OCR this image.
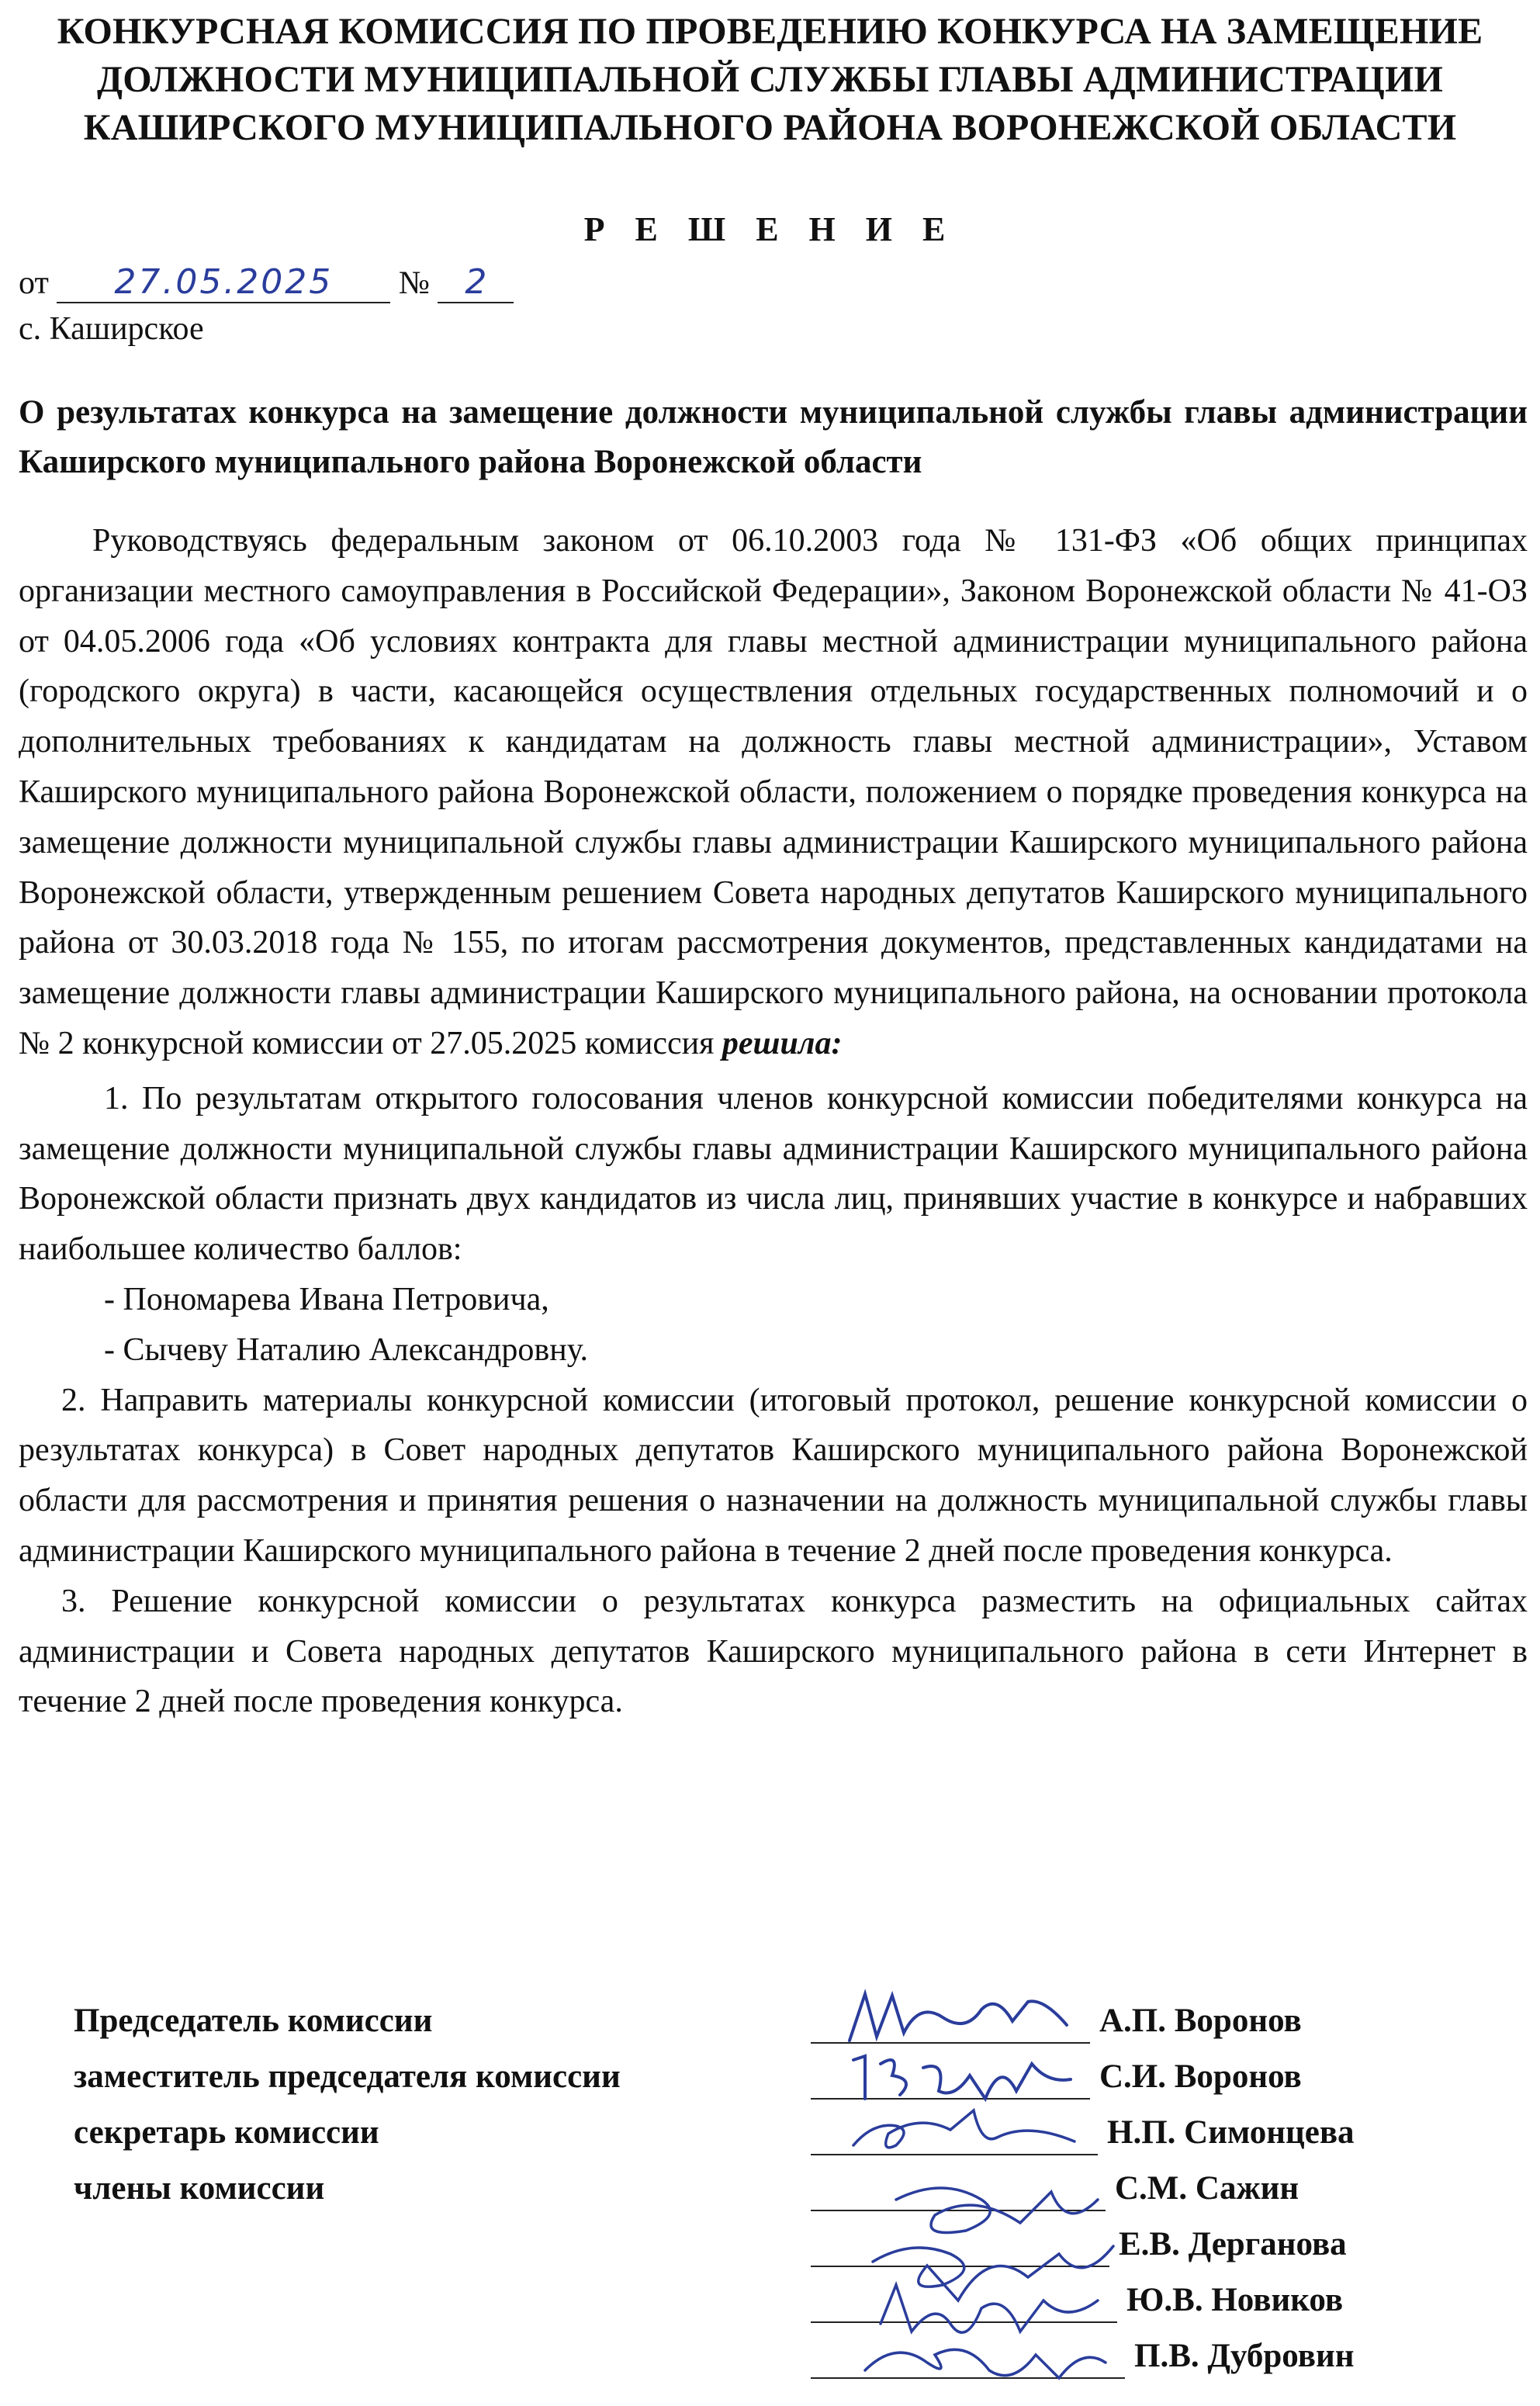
КОНКУРСНАЯ КОМИССИЯ ПО ПРОВЕДЕНИЮ КОНКУРСА НА ЗАМЕЩЕНИЕ
ДОЛЖНОСТИ МУНИЦИПАЛЬНОЙ СЛУЖБЫ ГЛАВЫ АДМИНИСТРАЦИИ
КАШИРСКОГО МУНИЦИПАЛЬНОГО РАЙОНА ВОРОНЕЖСКОЙ ОБЛАСТИ
Р Е Ш Е Н И Е
от 27.05.2025 № 2
с. Каширское
О результатах конкурса на замещение должности муниципальной службы главы администрации Каширского муниципального района Воронежской области

Руководствуясь федеральным законом от 06.10.2003 года № 131-ФЗ «Об общих принципах организации местного самоуправления в Российской Федерации», Законом Воронежской области № 41-ОЗ от 04.05.2006 года «Об условиях контракта для главы местной администрации муниципального района (городского округа) в части, касающейся осуществления отдельных государственных полномочий и о дополнительных требованиях к кандидатам на должность главы местной администрации», Уставом Каширского муниципального района Воронежской области, положением о порядке проведения конкурса на замещение должности муниципальной службы главы администрации Каширского муниципального района Воронежской области, утвержденным решением Совета народных депутатов Каширского муниципального района от 30.03.2018 года № 155, по итогам рассмотрения документов, представленных кандидатами на замещение должности главы администрации Каширского муниципального района, на основании протокола № 2 конкурсной комиссии от 27.05.2025 комиссия решила:

1. По результатам открытого голосования членов конкурсной комиссии победителями конкурса на замещение должности муниципальной службы главы администрации Каширского муниципального района Воронежской области признать двух кандидатов из числа лиц, принявших участие в конкурсе и набравших наибольшее количество баллов:

- Пономарева Ивана Петровича,

- Сычеву Наталию Александровну.

2. Направить материалы конкурсной комиссии (итоговый протокол, решение конкурсной комиссии о результатах конкурса) в Совет народных депутатов Каширского муниципального района Воронежской области для рассмотрения и принятия решения о назначении на должность муниципальной службы главы администрации Каширского муниципального района в течение 2 дней после проведения конкурса.

3. Решение конкурсной комиссии о результатах конкурса разместить на официальных сайтах администрации и Совета народных депутатов Каширского муниципального района в сети Интернет в течение 2 дней после проведения конкурса.

Председатель комиссии
заместитель председателя комиссии
секретарь комиссии
члены комиссии
А.П. Воронов
С.И. Воронов
Н.П. Симонцева
С.М. Сажин
Е.В. Дерганова
Ю.В. Новиков
П.В. Дубровин
